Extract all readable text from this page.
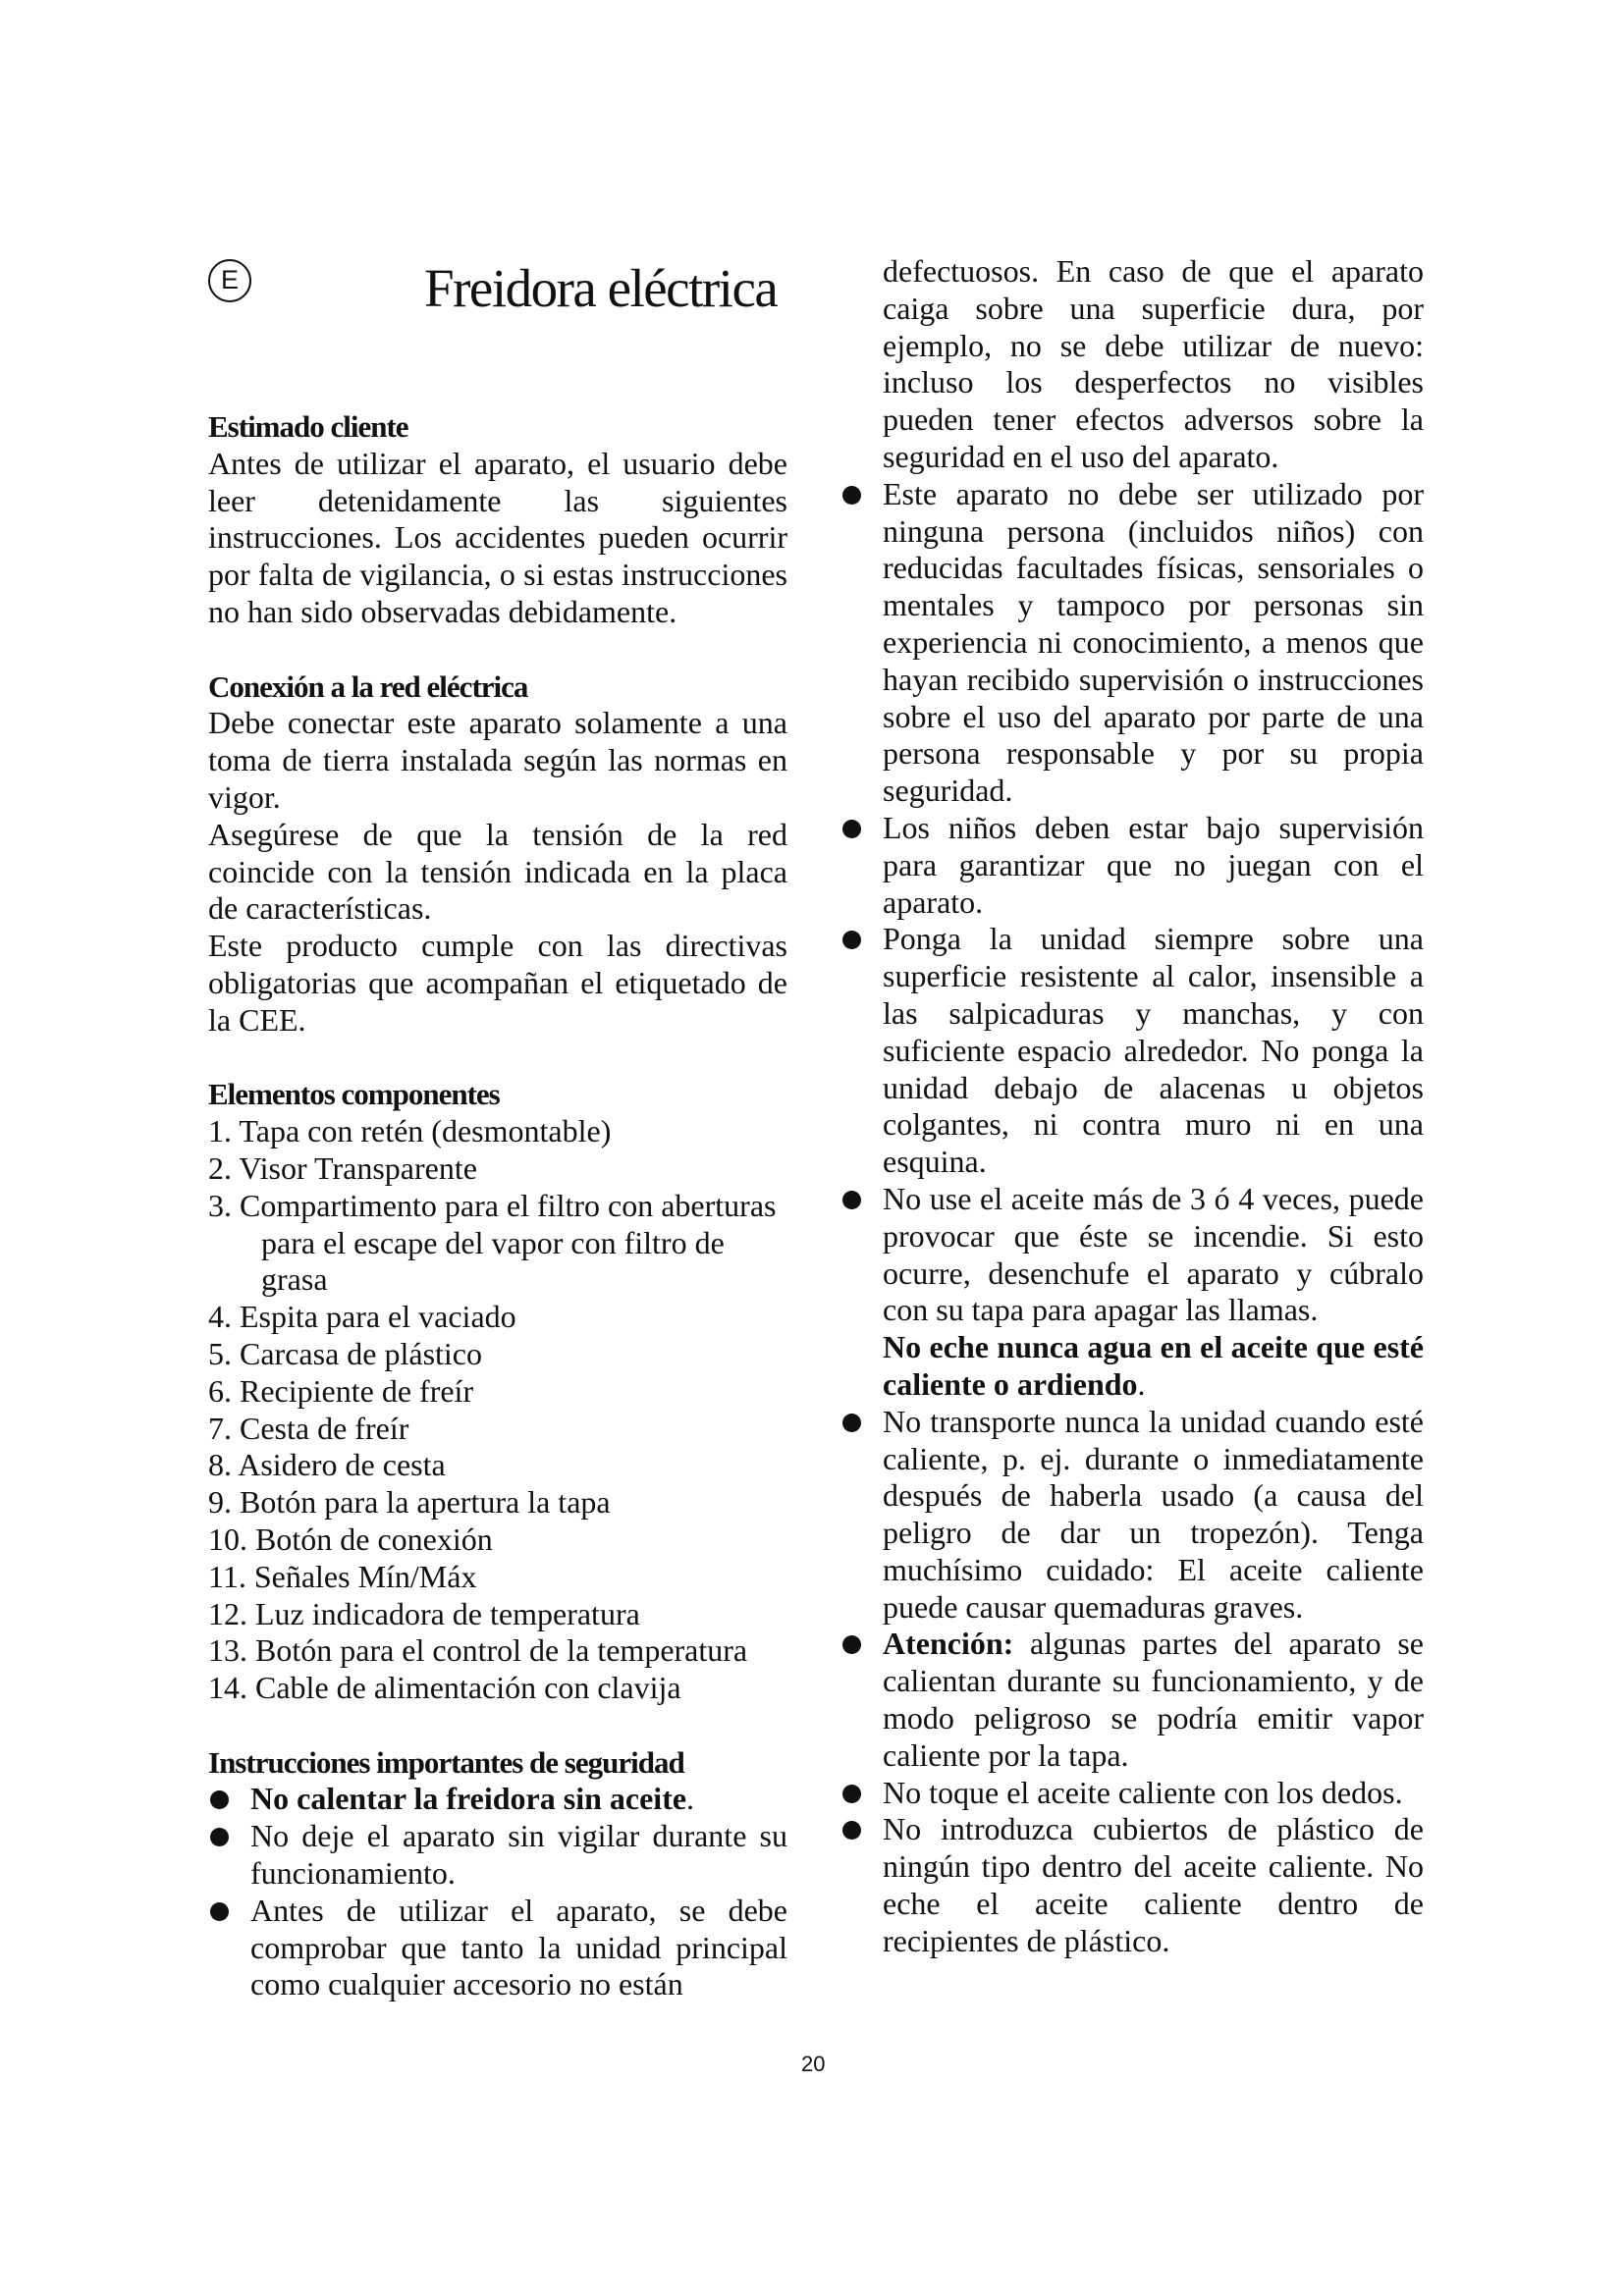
E	Freidora eléctrica
Estimado cliente

Antes de utilizar el aparato, el usuario debe leer detenidamente las siguientes instrucciones. Los accidentes pueden ocurrir por falta de vigilancia, o si estas instrucciones no han sido observadas debidamente.

Conexión a la red eléctrica

Debe conectar este aparato solamente a una toma de tierra instalada según las normas en vigor.

Asegúrese de que la tensión de la red coincide con la tensión indicada en la placa de características.

Este producto cumple con las directivas obligatorias que acompañan el etiquetado de la CEE.

Elementos componentes
1. Tapa con retén (desmontable)
2. Visor Transparente
3. Compartimento para el filtro con aberturas para el escape del vapor con filtro de grasa
4. Espita para el vaciado
5. Carcasa de plástico
6. Recipiente de freír
7. Cesta de freír
8. Asidero de cesta
9. Botón para la apertura la tapa
10. Botón de conexión
11. Señales Mín/Máx
12. Luz indicadora de temperatura
13. Botón para el control de la temperatura
14. Cable de alimentación con clavija
Instrucciones importantes de seguridad
No calentar la freidora sin aceite.
No deje el aparato sin vigilar durante su funcionamiento.
Antes de utilizar el aparato, se debe comprobar que tanto la unidad principal como cualquier accesorio no están
defectuosos. En caso de que el aparato caiga sobre una superficie dura, por ejemplo, no se debe utilizar de nuevo: incluso los desperfectos no visibles pueden tener efectos adversos sobre la seguridad en el uso del aparato.
Este aparato no debe ser utilizado por ninguna persona (incluidos niños) con reducidas facultades físicas, sensoriales o mentales y tampoco por personas sin experiencia ni conocimiento, a menos que hayan recibido supervisión o instrucciones sobre el uso del aparato por parte de una persona responsable y por su propia seguridad.
Los niños deben estar bajo supervisión para garantizar que no juegan con el aparato.
Ponga la unidad siempre sobre una superficie resistente al calor, insensible a las salpicaduras y manchas, y con suficiente espacio alrededor. No ponga la unidad debajo de alacenas u objetos colgantes, ni contra muro ni en una esquina.
No use el aceite más de 3 ó 4 veces, puede provocar que éste se incendie. Si esto ocurre, desenchufe el aparato y cúbralo con su tapa para apagar las llamas.
No eche nunca agua en el aceite que esté caliente o ardiendo.
No transporte nunca la unidad cuando esté caliente, p. ej. durante o inmediatamente después de haberla usado (a causa del peligro de dar un tropezón). Tenga muchísimo cuidado: El aceite caliente puede causar quemaduras graves.
Atención: algunas partes del aparato se calientan durante su funcionamiento, y de modo peligroso se podría emitir vapor caliente por la tapa.
No toque el aceite caliente con los dedos.
No introduzca cubiertos de plástico de ningún tipo dentro del aceite caliente. No eche el aceite caliente dentro de recipientes de plástico.
20
